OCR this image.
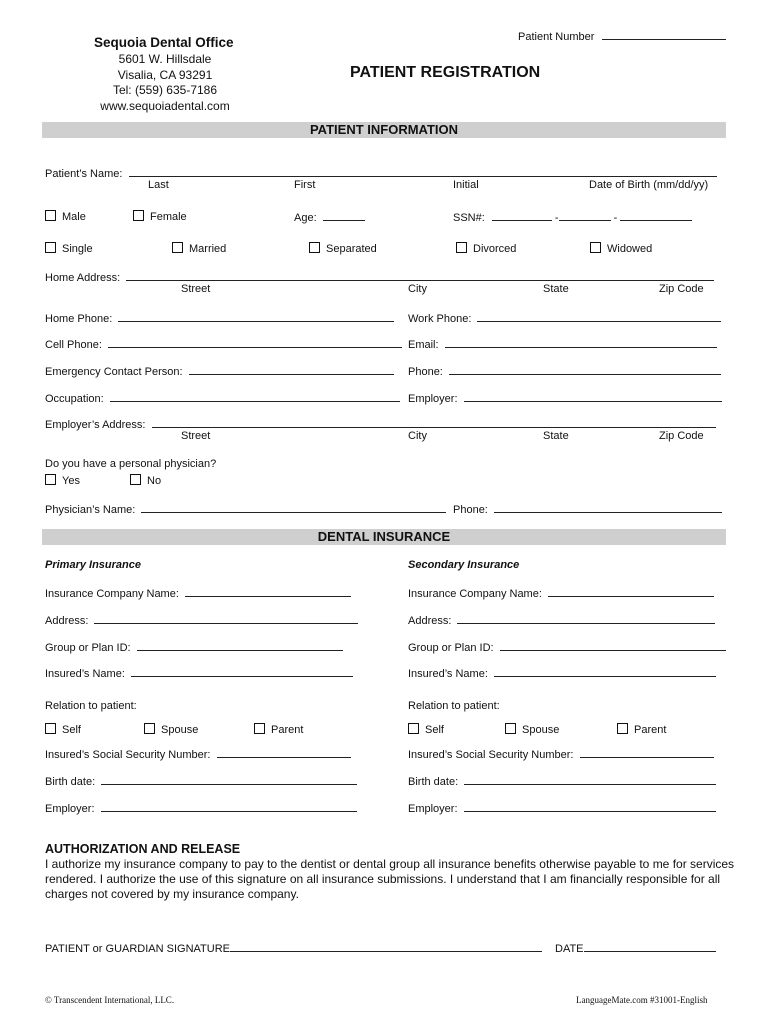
Patient Number
Sequoia Dental Office
5601 W. Hillsdale
Visalia, CA 93291
Tel: (559) 635-7186
www.sequoiadental.com
PATIENT REGISTRATION
PATIENT INFORMATION
Patient’s Name:
Last	First	Initial	Date of Birth (mm/dd/yy)
Male	Female	Age:	SSN#:	-	-
Single	Married	Separated	Divorced	Widowed
Home Address:
Street	City	State	Zip Code
Home Phone:	Work Phone:
Cell Phone:	Email:
Emergency Contact Person:	Phone:
Occupation:	Employer:
Employer’s Address:
Street	City	State	Zip Code
Do you have a personal physician?
Yes	No
Physician’s Name:	Phone:
DENTAL INSURANCE
Primary Insurance
Insurance Company Name:
Address:
Group or Plan ID:
Insured’s Name:
Relation to patient:
Self	Spouse	Parent
Insured’s Social Security Number:
Birth date:
Employer:
Secondary Insurance
Insurance Company Name:
Address:
Group or Plan ID:
Insured’s Name:
Relation to patient:
Self	Spouse	Parent
Insured’s Social Security Number:
Birth date:
Employer:
AUTHORIZATION AND RELEASE
I authorize my insurance company to pay to the dentist or dental group all insurance benefits otherwise payable to me for services rendered. I authorize the use of this signature on all insurance submissions. I understand that I am financially responsible for all charges not covered by my insurance company.
PATIENT or GUARDIAN SIGNATURE	DATE
© Transcendent International, LLC.	LanguageMate.com #31001-English
